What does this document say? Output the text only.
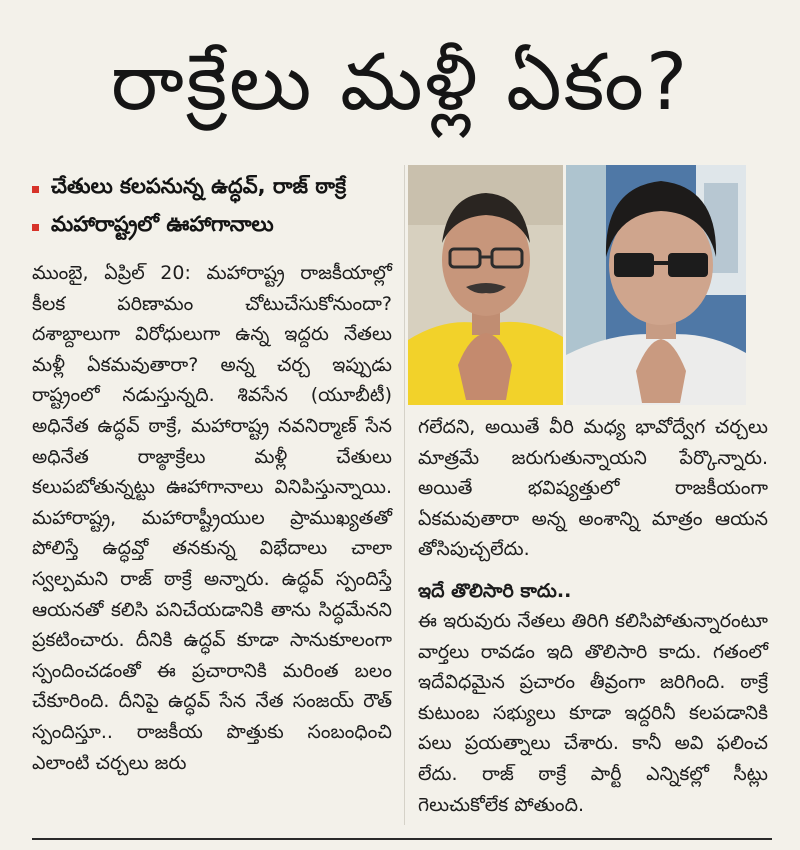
రాక్రేలు మళ్లీ ఏకం?
చేతులు కలపనున్న ఉద్ధవ్, రాజ్ ఠాక్రే
మహారాష్ట్రలో ఊహాగానాలు

ముంబై, ఏప్రిల్ 20: మహారాష్ట్ర రాజకీయాల్లో కీలక పరిణామం చోటుచేసుకోనుందా? దశాబ్దాలుగా విరోధులుగా ఉన్న ఇద్దరు నేతలు మళ్లీ ఏకమవుతారా? అన్న చర్చ ఇప్పుడు రాష్ట్రంలో నడుస్తున్నది. శివసేన (యూబీటీ) అధినేత ఉద్ధవ్ ఠాక్రే, మహారాష్ట్ర నవనిర్మాణ్ సేన అధినేత రాజ్ఠాక్రేలు మళ్లీ చేతులు కలుపబోతున్నట్టు ఊహాగానాలు వినిపిస్తున్నాయి. మహారాష్ట్ర, మహారాష్ట్రీయుల ప్రాముఖ్యతతో పోలిస్తే ఉద్ధవ్తో తనకున్న విభేదాలు చాలా స్వల్పమని రాజ్ ఠాక్రే అన్నారు. ఉద్ధవ్ స్పందిస్తే ఆయనతో కలిసి పనిచేయడానికి తాను సిద్ధమేనని ప్రకటించారు. దీనికి ఉద్ధవ్ కూడా సానుకూలంగా స్పందించడంతో ఈ ప్రచారానికి మరింత బలం చేకూరింది. దీనిపై ఉద్ధవ్ సేన నేత సంజయ్ రౌత్ స్పందిస్తూ.. రాజకీయ పొత్తుకు సంబంధించి ఎలాంటి చర్చలు జరు

గలేదని, అయితే వీరి మధ్య భావోద్వేగ చర్చలు మాత్రమే జరుగుతున్నాయని పేర్కొన్నారు. అయితే భవిష్యత్తులో రాజకీయంగా ఏకమవుతారా అన్న అంశాన్ని మాత్రం ఆయన తోసిపుచ్చలేదు.

ఇదే తొలిసారి కాదు..

ఈ ఇరువురు నేతలు తిరిగి కలిసిపోతున్నారంటూ వార్తలు రావడం ఇది తొలిసారి కాదు. గతంలో ఇదేవిధమైన ప్రచారం తీవ్రంగా జరిగింది. ఠాక్రే కుటుంబ సభ్యులు కూడా ఇద్దరినీ కలపడానికి పలు ప్రయత్నాలు చేశారు. కానీ అవి ఫలించ లేదు. రాజ్ ఠాక్రే పార్టీ ఎన్నికల్లో సీట్లు గెలుచుకోలేక పోతుంది.
